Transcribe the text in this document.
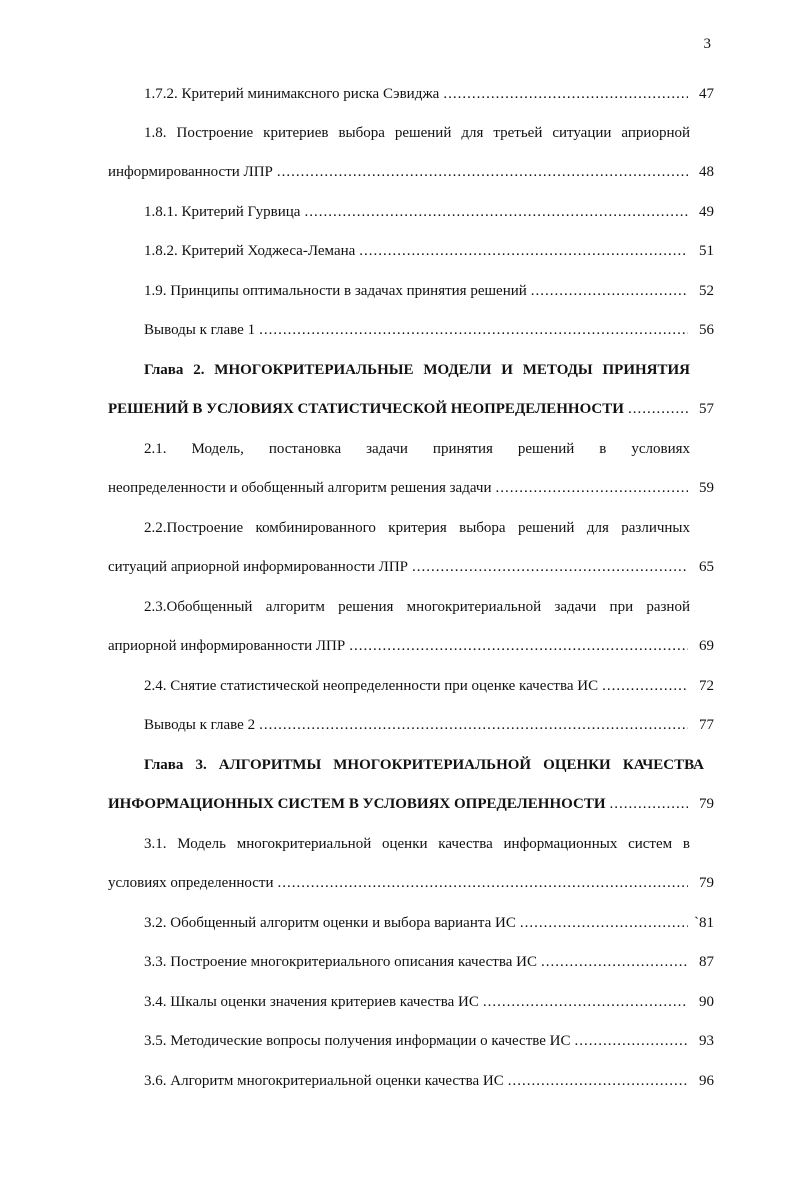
3
1.7.2. Критерий минимаксного риска Сэвиджа .....	47
1.8. Построение критериев выбора решений для третьей ситуации априорной
информированности ЛПР .....	48
1.8.1. Критерий Гурвица .....	49
1.8.2. Критерий Ходжеса-Лемана .....	51
1.9. Принципы оптимальности в задачах принятия решений .....	52
Выводы к главе 1 .....	56
Глава 2. МНОГОКРИТЕРИАЛЬНЫЕ МОДЕЛИ И МЕТОДЫ ПРИНЯТИЯ
РЕШЕНИЙ В УСЛОВИЯХ СТАТИСТИЧЕСКОЙ НЕОПРЕДЕЛЕННОСТИ .....	57
2.1. Модель, постановка задачи принятия решений в условиях
неопределенности и обобщенный алгоритм решения задачи .....	59
2.2.Построение комбинированного критерия выбора решений для различных
ситуаций априорной информированности ЛПР .....	65
2.3.Обобщенный алгоритм решения многокритериальной задачи при разной
априорной информированности ЛПР .....	69
2.4. Снятие статистической неопределенности при оценке качества ИС .....	72
Выводы к главе 2 .....	77
Глава 3. АЛГОРИТМЫ МНОГОКРИТЕРИАЛЬНОЙ ОЦЕНКИ КАЧЕСТВА
ИНФОРМАЦИОННЫХ СИСТЕМ В УСЛОВИЯХ ОПРЕДЕЛЕННОСТИ .....	79
3.1. Модель многокритериальной оценки качества информационных систем в
условиях определенности .....	79
3.2. Обобщенный алгоритм оценки и выбора варианта ИС .....	`81
3.3. Построение многокритериального описания качества ИС .....	87
3.4. Шкалы оценки значения критериев качества ИС .....	90
3.5. Методические вопросы получения информации о качестве ИС .....	93
3.6. Алгоритм многокритериальной оценки качества ИС .....	96
